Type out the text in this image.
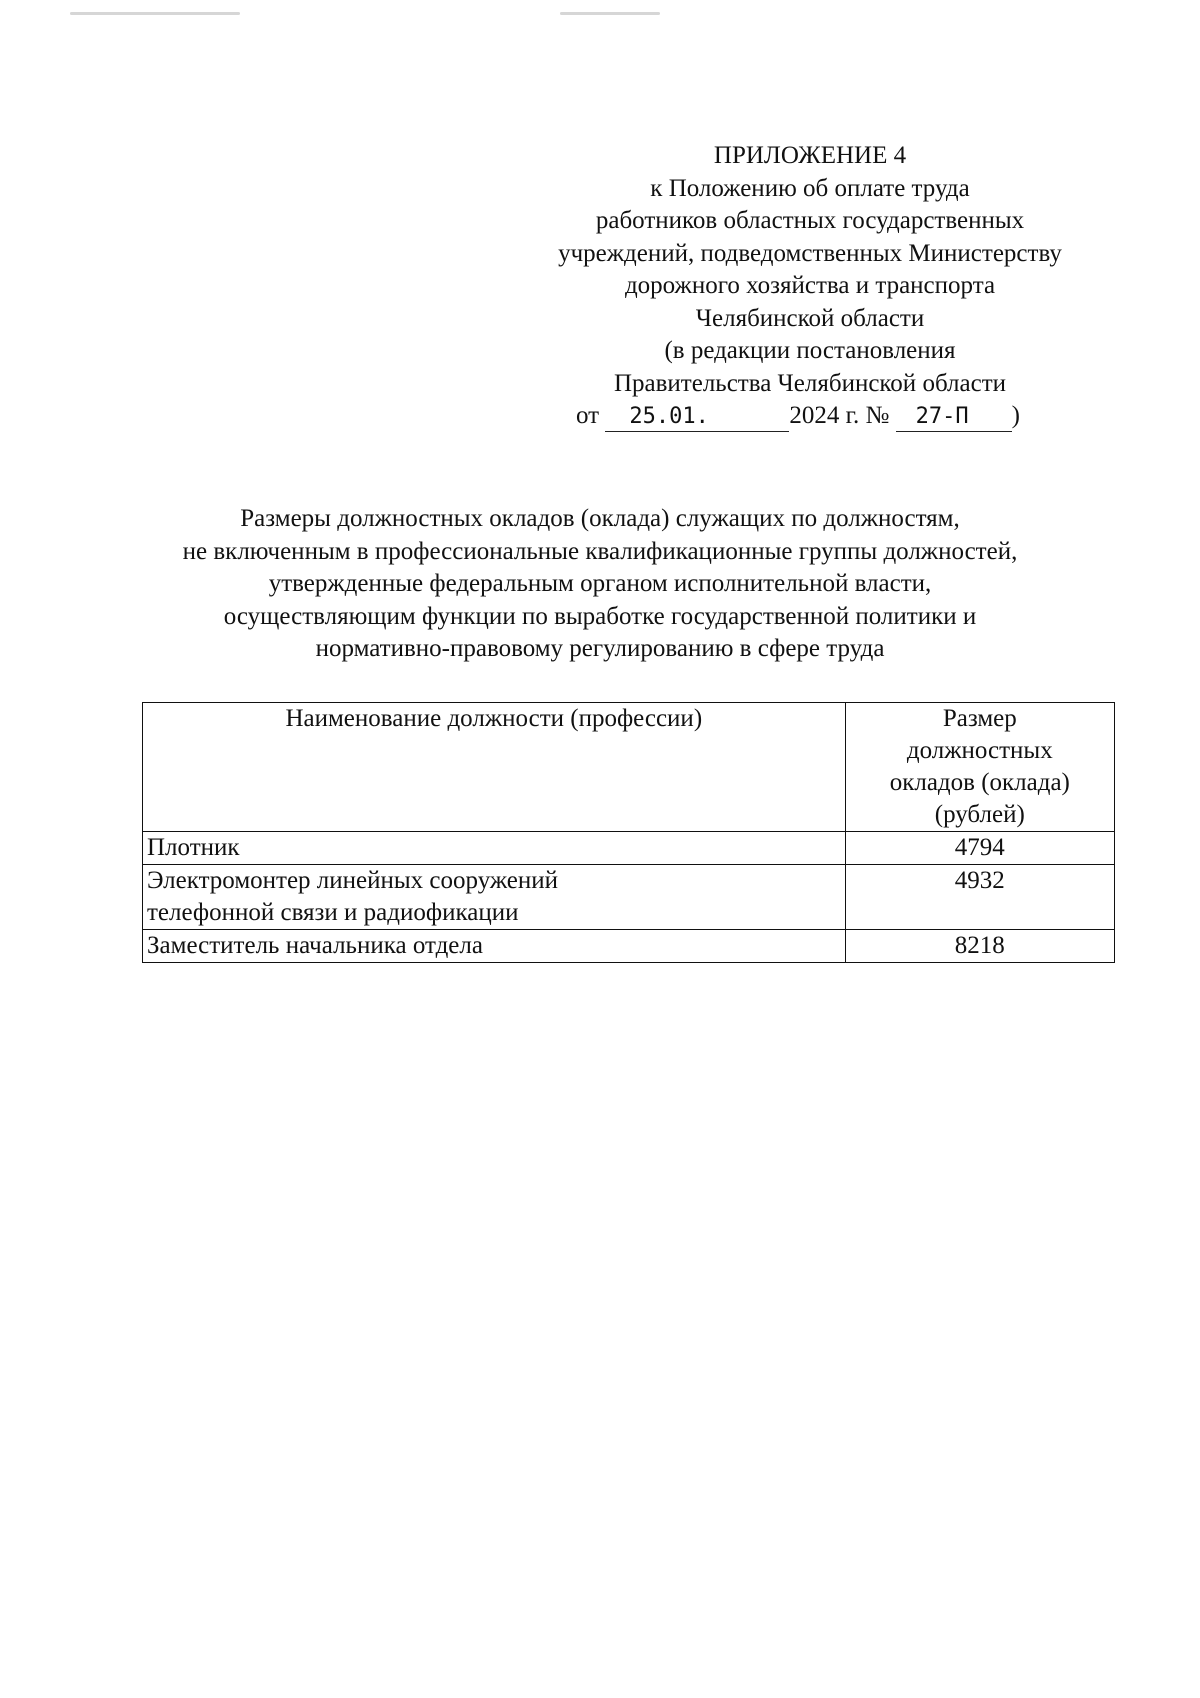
ПРИЛОЖЕНИЕ 4
к Положению об оплате труда
работников областных государственных
учреждений, подведомственных Министерству
дорожного хозяйства и транспорта
Челябинской области
(в редакции постановления
Правительства Челябинской области
от 25.01.	2024 г. № 27-П )
Размеры должностных окладов (оклада) служащих по должностям,
не включенным в профессиональные квалификационные группы должностей,
утвержденные федеральным органом исполнительной власти,
осуществляющим функции по выработке государственной политики и
нормативно-правовому регулированию в сфере труда
Наименование должности (профессии)	Размер
должностных
окладов (оклада)
(рублей)

Плотник	4794

Электромонтер линейных сооружений
телефонной связи и радиофикации	4932

Заместитель начальника отдела	8218
